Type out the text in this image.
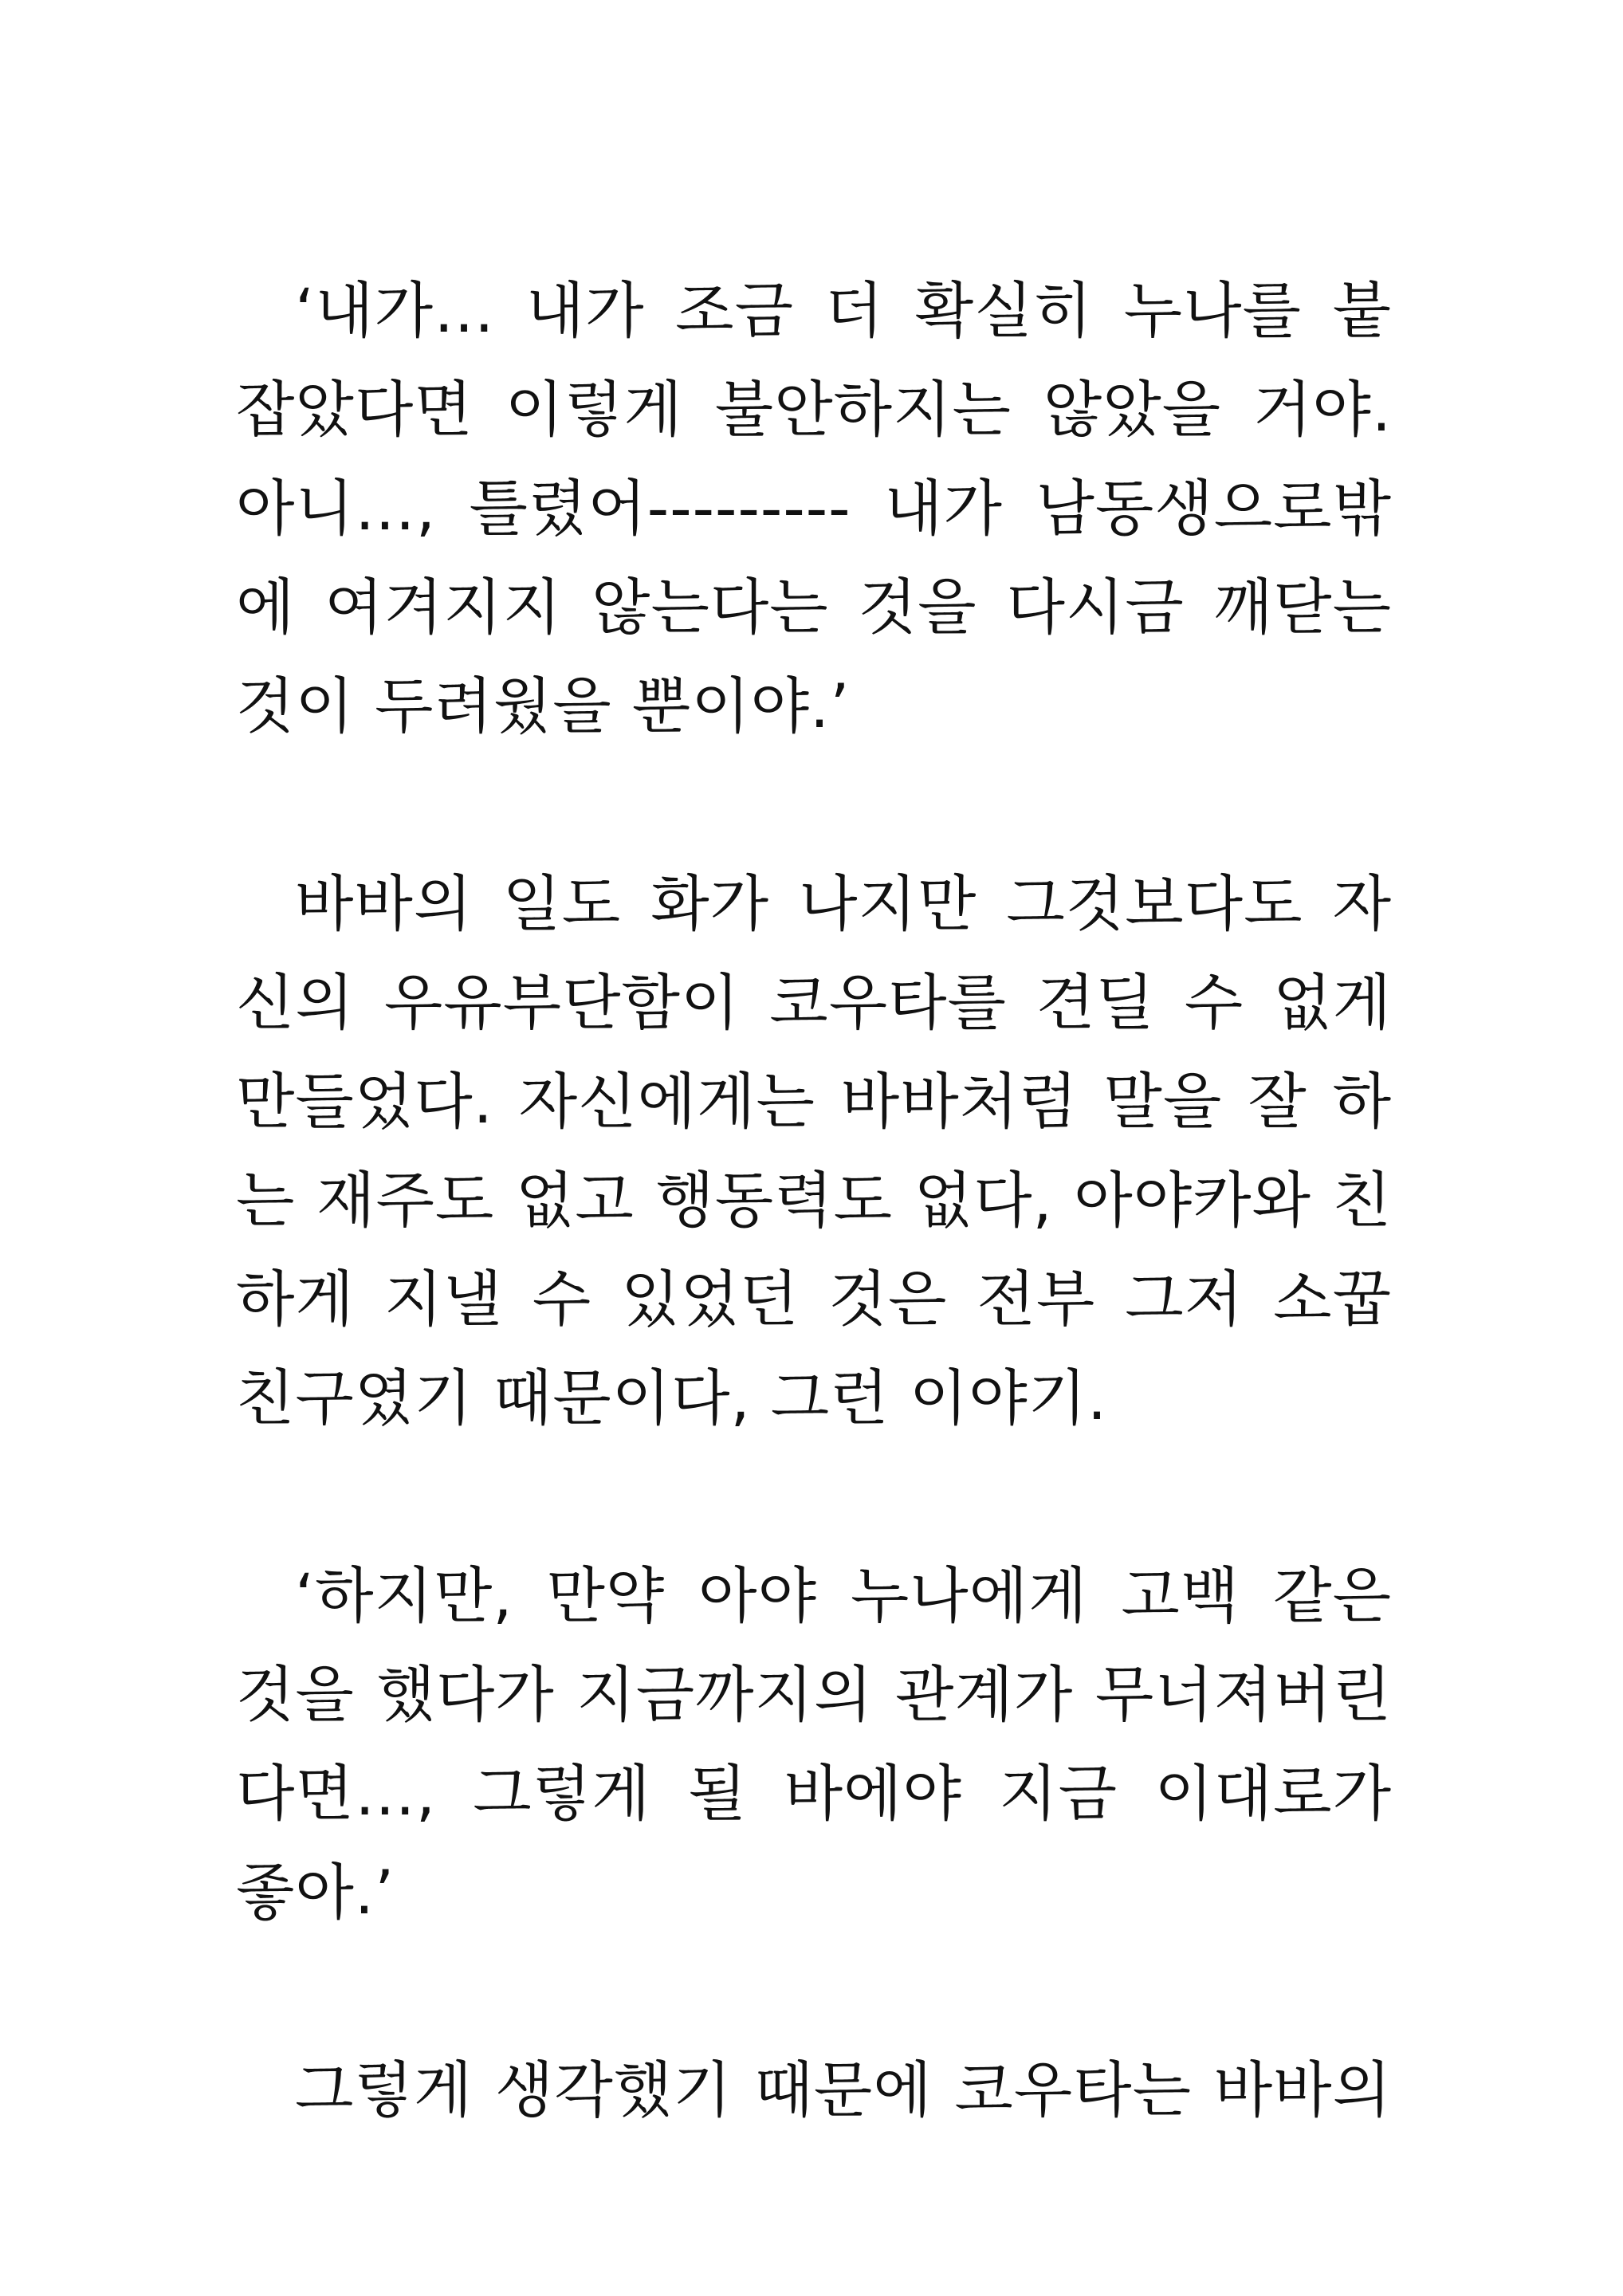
‘내가… 내가 조금 더 확실히 누나를 붙
잡았다면 이렇게 불안하지는 않았을 거야.
아니…, 틀렸어--------- 내가 남동생으로밖
에 여겨지지 않는다는 것을 다시금 깨닫는
것이 두려웠을 뿐이야.’

바바의 일도 화가 나지만 그것보다도 자
신의 우유부단함이 코우타를 견딜 수 없게
만들었다. 자신에게는 바바처럼 말을 잘 하
는 재주도 없고 행동력도 없다, 아야카와 친
하게 지낼 수 있었던 것은 전부 그저 소꿉
친구였기 때문이다, 그런 이야기.

‘하지만, 만약 아야 누나에게 고백 같은
것을 했다가 지금까지의 관계가 무너져버린
다면…, 그렇게 될 바에야 지금 이대로가
좋아.’

그렇게 생각했기 때문에 코우타는 바바의
